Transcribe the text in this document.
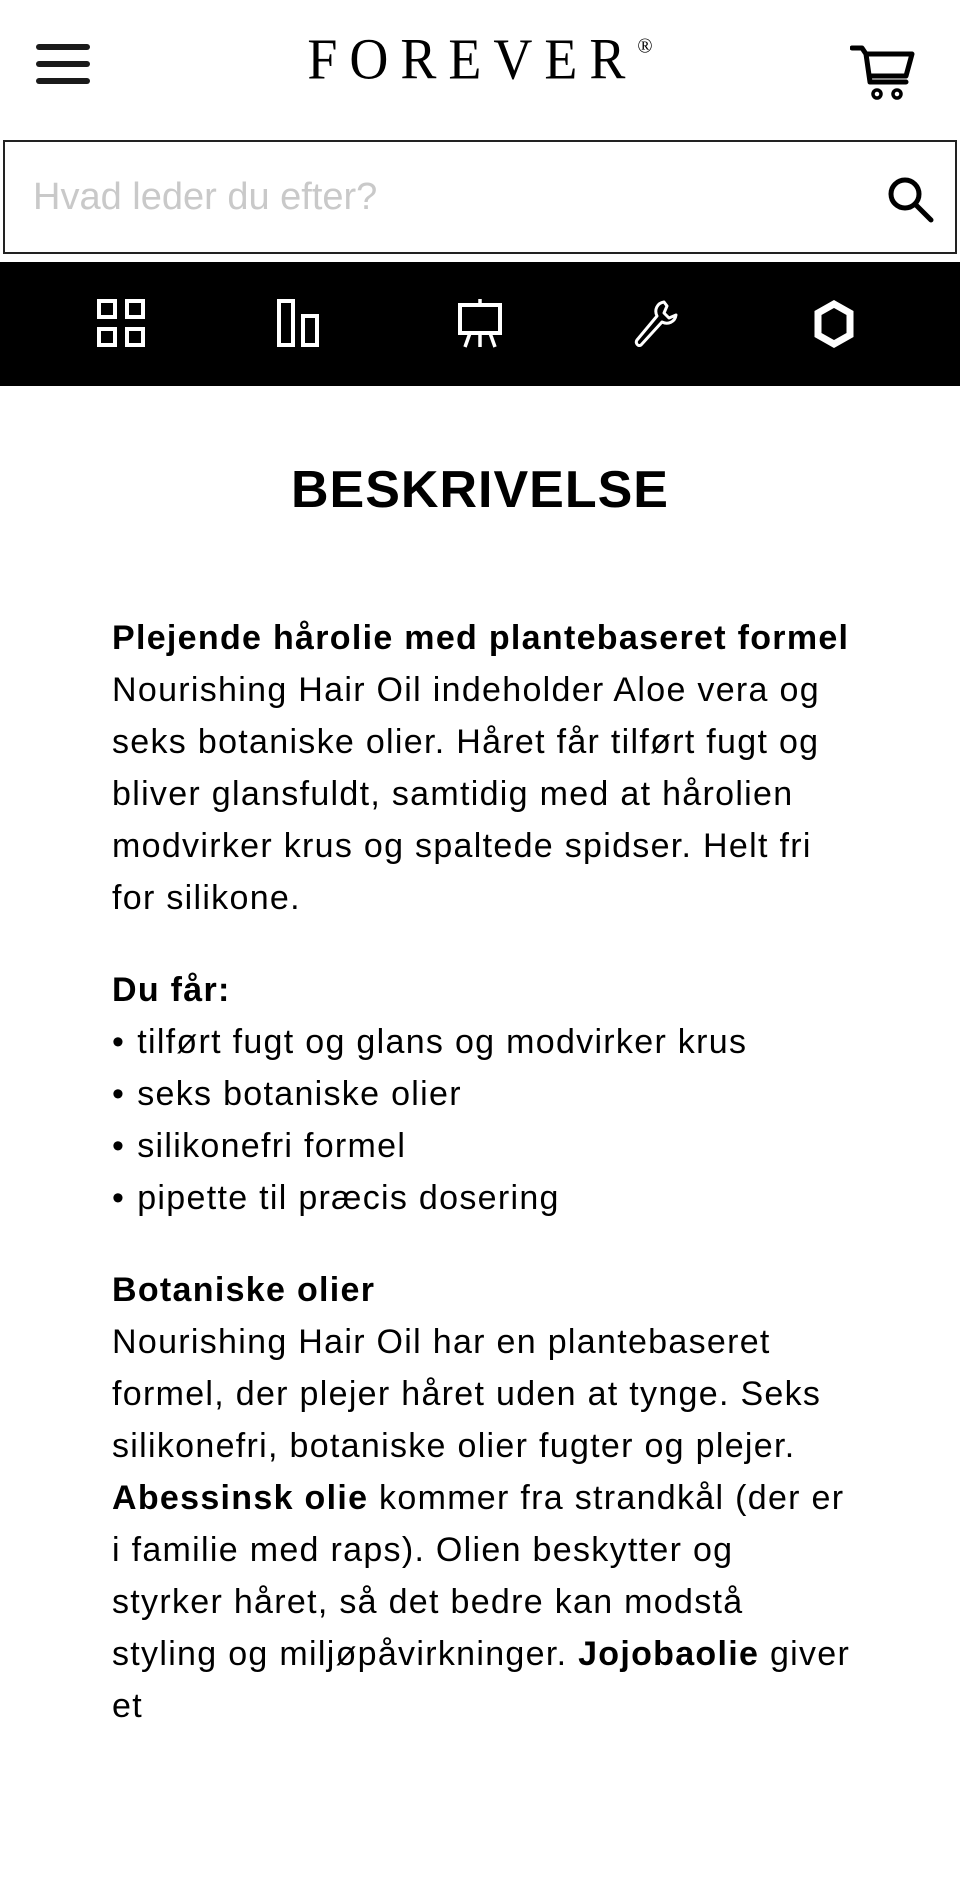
FOREVER®
Hvad leder du efter?
BESKRIVELSE

Plejende hårolie med plantebaseret formel
Nourishing Hair Oil indeholder Aloe vera og seks botaniske olier. Håret får tilført fugt og bliver glansfuldt, samtidig med at hårolien modvirker krus og spaltede spidser. Helt fri for silikone.

Du får:
• tilført fugt og glans og modvirker krus
• seks botaniske olier
• silikonefri formel
• pipette til præcis dosering

Botaniske olier
Nourishing Hair Oil har en plantebaseret formel, der plejer håret uden at tynge. Seks silikonefri, botaniske olier fugter og plejer. Abessinsk olie kommer fra strandkål (der er i familie med raps). Olien beskytter og styrker håret, så det bedre kan modstå styling og miljøpåvirkninger. Jojobaolie giver et
